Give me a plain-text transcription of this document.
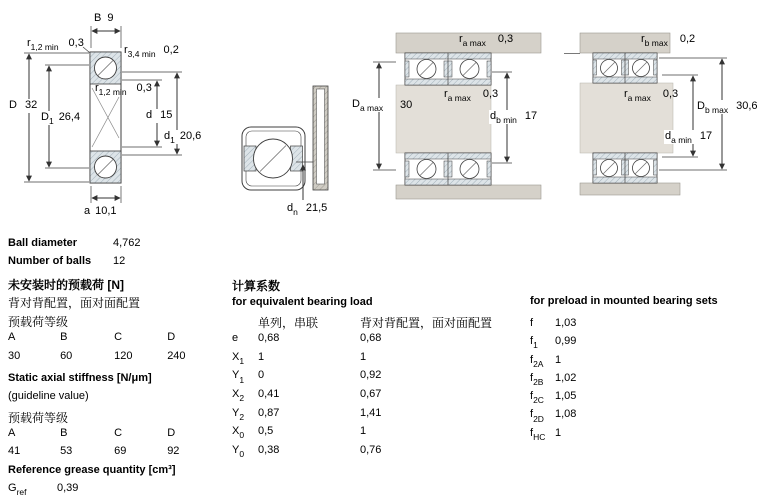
B 9
$r_{1,2 min}$ 0,3
$r_{3,4 min}$ 0,2
D 32
$D_1$ 26,4
$r_{1,2 min}$ 0,3
d 15
$d_1$ 20,6
a 10,1	$d_n$ 21,5
$r_{a max}$ 0,3
$r_{a max}$ 0,3
$D_{a max}$ 30
$d_{b min}$ 17
$r_{b max}$ 0,2
$r_{a max}$ 0,3
$D_{b max}$ 30,6
$d_{a min}$ 17
Ball diameter	4,762
Number of balls	12
未安装时的预载荷 [N]
背对背配置，面对面配置
预载荷等级
A	B	C	D
30	60	120	240
Static axial stiffness [N/μm]
(guideline value)
预载荷等级
A	B	C	D
41	53	69	92
Reference grease quantity [cm³]
$G_{ref}$	0,39
计算系数
for equivalent bearing load
单列，串联	背对背配置，面对面配置
e	0,68	0,68
$X_1$	1	1
$Y_1$	0	0,92
$X_2$	0,41	0,67
$Y_2$	0,87	1,41
$X_0$	0,5	1
$Y_0$	0,38	0,76
for preload in mounted bearing sets
f	1,03
$f_1$	0,99
$f_{2A}$	1
$f_{2B}$	1,02
$f_{2C}$	1,05
$f_{2D}$	1,08
$f_{HC}$ 1
